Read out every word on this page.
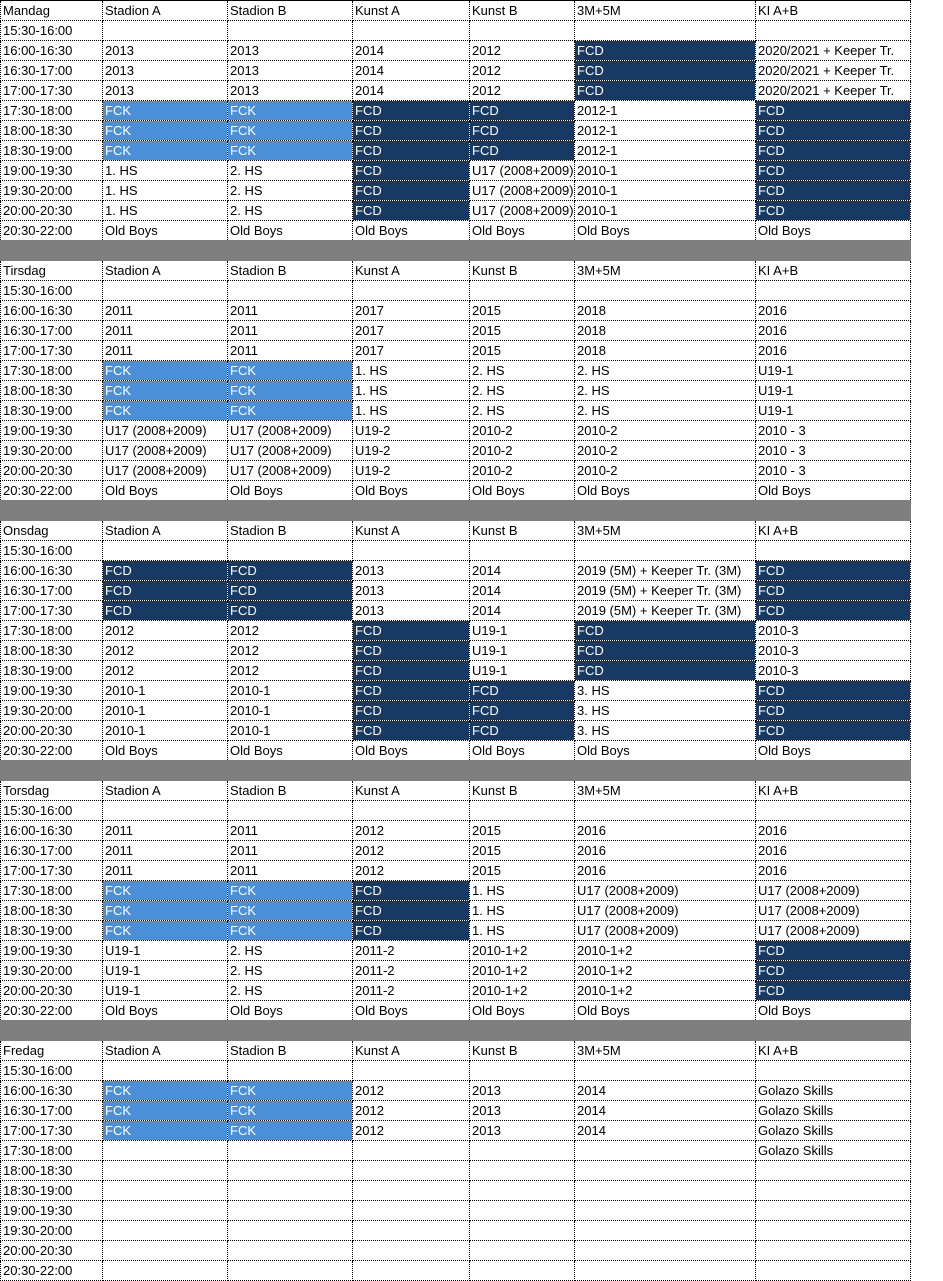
Mandag	Stadion A	Stadion B	Kunst A	Kunst B	3M+5M	KI A+B
15:30-16:00						
16:00-16:30	2013	2013	2014	2012	FCD	2020/2021 + Keeper Tr.
16:30-17:00	2013	2013	2014	2012	FCD	2020/2021 + Keeper Tr.
17:00-17:30	2013	2013	2014	2012	FCD	2020/2021 + Keeper Tr.
17:30-18:00	FCK	FCK	FCD	FCD	2012-1	FCD
18:00-18:30	FCK	FCK	FCD	FCD	2012-1	FCD
18:30-19:00	FCK	FCK	FCD	FCD	2012-1	FCD
19:00-19:30	1. HS	2. HS	FCD	U17 (2008+2009)	2010-1	FCD
19:30-20:00	1. HS	2. HS	FCD	U17 (2008+2009)	2010-1	FCD
20:00-20:30	1. HS	2. HS	FCD	U17 (2008+2009)	2010-1	FCD
20:30-22:00	Old Boys	Old Boys	Old Boys	Old Boys	Old Boys	Old Boys

Tirsdag	Stadion A	Stadion B	Kunst A	Kunst B	3M+5M	KI A+B
15:30-16:00						
16:00-16:30	2011	2011	2017	2015	2018	2016
16:30-17:00	2011	2011	2017	2015	2018	2016
17:00-17:30	2011	2011	2017	2015	2018	2016
17:30-18:00	FCK	FCK	1. HS	2. HS	2. HS	U19-1
18:00-18:30	FCK	FCK	1. HS	2. HS	2. HS	U19-1
18:30-19:00	FCK	FCK	1. HS	2. HS	2. HS	U19-1
19:00-19:30	U17 (2008+2009)	U17 (2008+2009)	U19-2	2010-2	2010-2	2010 - 3
19:30-20:00	U17 (2008+2009)	U17 (2008+2009)	U19-2	2010-2	2010-2	2010 - 3
20:00-20:30	U17 (2008+2009)	U17 (2008+2009)	U19-2	2010-2	2010-2	2010 - 3
20:30-22:00	Old Boys	Old Boys	Old Boys	Old Boys	Old Boys	Old Boys

Onsdag	Stadion A	Stadion B	Kunst A	Kunst B	3M+5M	KI A+B
15:30-16:00						
16:00-16:30	FCD	FCD	2013	2014	2019 (5M) + Keeper Tr. (3M)	FCD
16:30-17:00	FCD	FCD	2013	2014	2019 (5M) + Keeper Tr. (3M)	FCD
17:00-17:30	FCD	FCD	2013	2014	2019 (5M) + Keeper Tr. (3M)	FCD
17:30-18:00	2012	2012	FCD	U19-1	FCD	2010-3
18:00-18:30	2012	2012	FCD	U19-1	FCD	2010-3
18:30-19:00	2012	2012	FCD	U19-1	FCD	2010-3
19:00-19:30	2010-1	2010-1	FCD	FCD	3. HS	FCD
19:30-20:00	2010-1	2010-1	FCD	FCD	3. HS	FCD
20:00-20:30	2010-1	2010-1	FCD	FCD	3. HS	FCD
20:30-22:00	Old Boys	Old Boys	Old Boys	Old Boys	Old Boys	Old Boys

Torsdag	Stadion A	Stadion B	Kunst A	Kunst B	3M+5M	KI A+B
15:30-16:00						
16:00-16:30	2011	2011	2012	2015	2016	2016
16:30-17:00	2011	2011	2012	2015	2016	2016
17:00-17:30	2011	2011	2012	2015	2016	2016
17:30-18:00	FCK	FCK	FCD	1. HS	U17 (2008+2009)	U17 (2008+2009)
18:00-18:30	FCK	FCK	FCD	1. HS	U17 (2008+2009)	U17 (2008+2009)
18:30-19:00	FCK	FCK	FCD	1. HS	U17 (2008+2009)	U17 (2008+2009)
19:00-19:30	U19-1	2. HS	2011-2	2010-1+2	2010-1+2	FCD
19:30-20:00	U19-1	2. HS	2011-2	2010-1+2	2010-1+2	FCD
20:00-20:30	U19-1	2. HS	2011-2	2010-1+2	2010-1+2	FCD
20:30-22:00	Old Boys	Old Boys	Old Boys	Old Boys	Old Boys	Old Boys

Fredag	Stadion A	Stadion B	Kunst A	Kunst B	3M+5M	KI A+B
15:30-16:00						
16:00-16:30	FCK	FCK	2012	2013	2014	Golazo Skills
16:30-17:00	FCK	FCK	2012	2013	2014	Golazo Skills
17:00-17:30	FCK	FCK	2012	2013	2014	Golazo Skills
17:30-18:00						Golazo Skills
18:00-18:30						
18:30-19:00						
19:00-19:30						
19:30-20:00						
20:00-20:30						
20:30-22:00						
